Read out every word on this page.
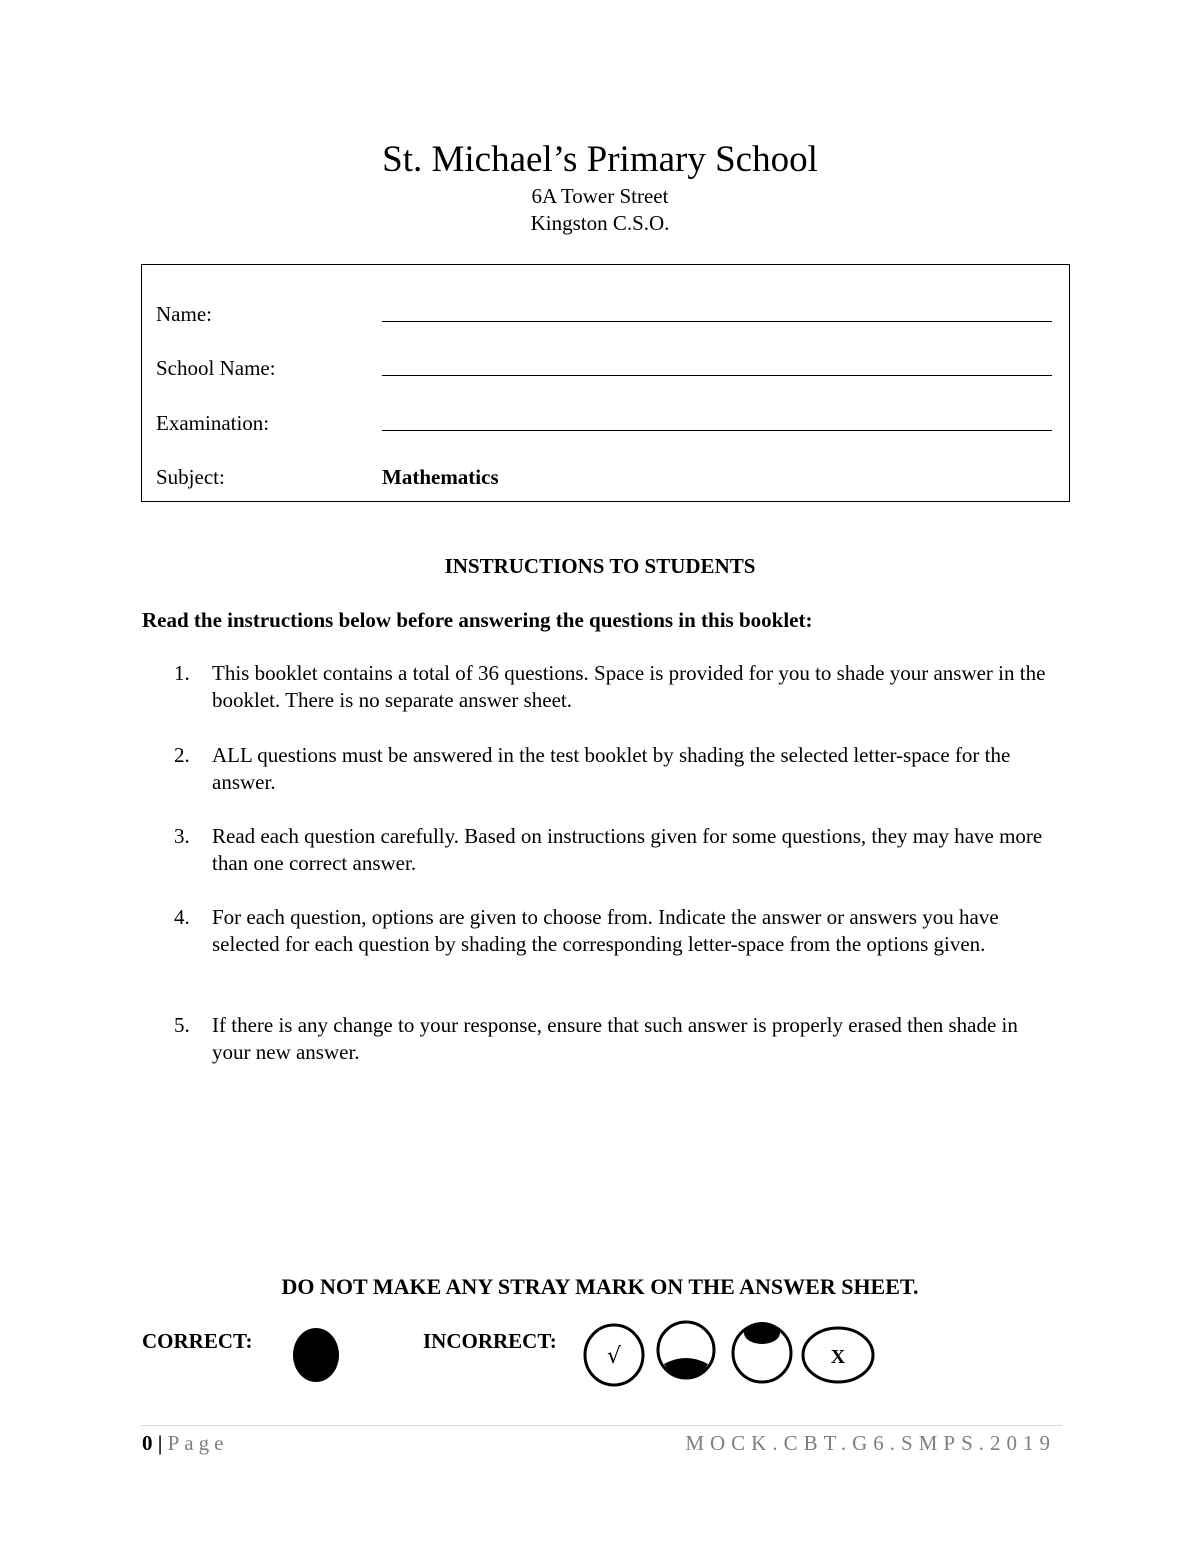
St. Michael’s Primary School
6A Tower Street
Kingston C.S.O.
Name:
School Name:
Examination:
Subject:	Mathematics
INSTRUCTIONS TO STUDENTS
Read the instructions below before answering the questions in this booklet:
1.	This booklet contains a total of 36 questions. Space is provided for you to shade your answer in the booklet. There is no separate answer sheet.
2.	ALL questions must be answered in the test booklet by shading the selected letter-space for the answer.
3.	Read each question carefully. Based on instructions given for some questions, they may have more than one correct answer.
4.	For each question, options are given to choose from. Indicate the answer or answers you have selected for each question by shading the corresponding letter-space from the options given.
5.	If there is any change to your response, ensure that such answer is properly erased then shade in your new answer.
DO NOT MAKE ANY STRAY MARK ON THE ANSWER SHEET.
CORRECT:	INCORRECT:
√	X
0 | Page	MOCK.CBT.G6.SMPS.2019
